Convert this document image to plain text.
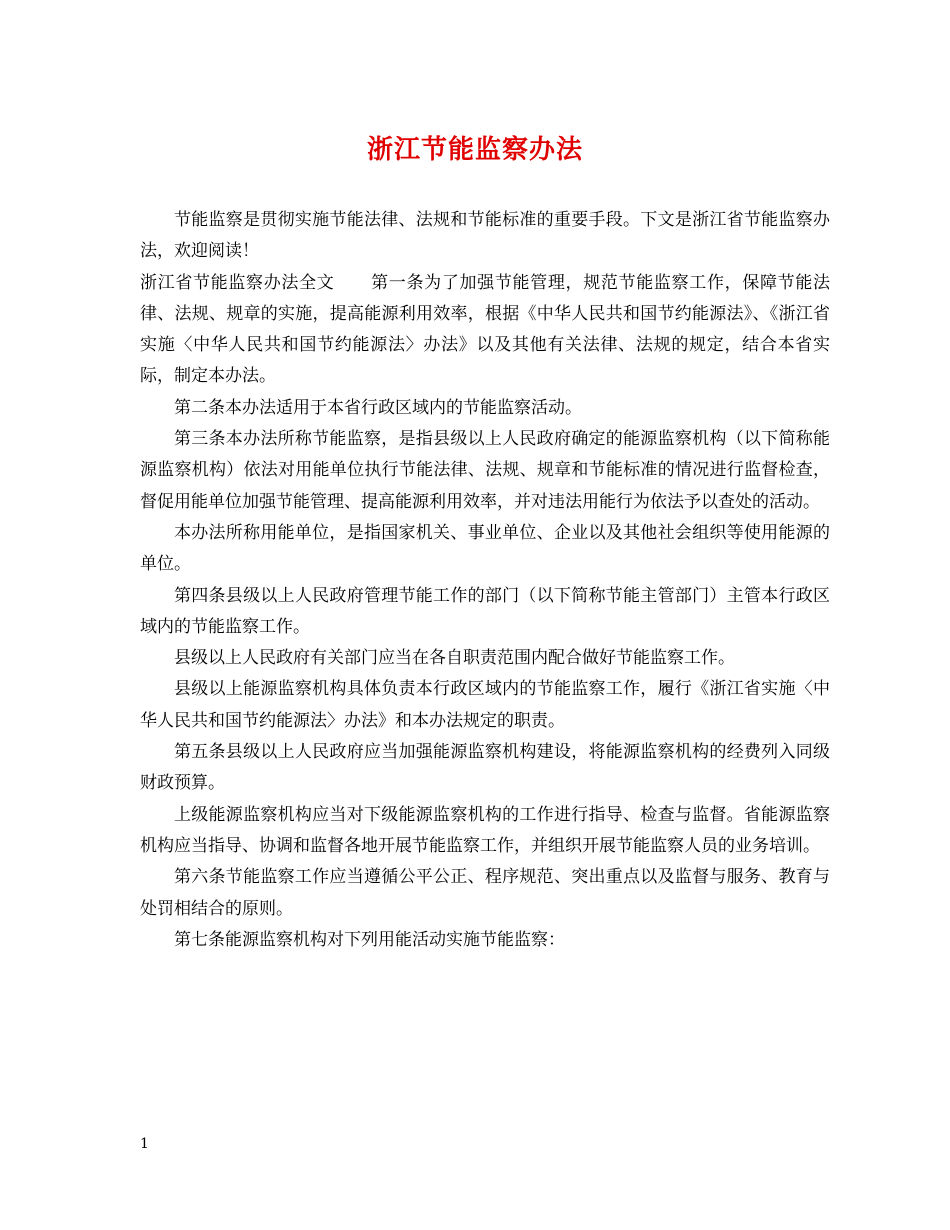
浙江节能监察办法

节能监察是贯彻实施节能法律、法规和节能标准的重要手段。下文是浙江省节能监察办法，欢迎阅读！

浙江省节能监察办法全文 第一条为了加强节能管理，规范节能监察工作，保障节能法律、法规、规章的实施，提高能源利用效率，根据《中华人民共和国节约能源法》、《浙江省实施〈中华人民共和国节约能源法〉办法》以及其他有关法律、法规的规定，结合本省实际，制定本办法。

第二条本办法适用于本省行政区域内的节能监察活动。

第三条本办法所称节能监察，是指县级以上人民政府确定的能源监察机构（以下简称能源监察机构）依法对用能单位执行节能法律、法规、规章和节能标准的情况进行监督检查，督促用能单位加强节能管理、提高能源利用效率，并对违法用能行为依法予以查处的活动。

本办法所称用能单位，是指国家机关、事业单位、企业以及其他社会组织等使用能源的单位。

第四条县级以上人民政府管理节能工作的部门（以下简称节能主管部门）主管本行政区域内的节能监察工作。

县级以上人民政府有关部门应当在各自职责范围内配合做好节能监察工作。

县级以上能源监察机构具体负责本行政区域内的节能监察工作，履行《浙江省实施〈中华人民共和国节约能源法〉办法》和本办法规定的职责。

第五条县级以上人民政府应当加强能源监察机构建设，将能源监察机构的经费列入同级财政预算。

上级能源监察机构应当对下级能源监察机构的工作进行指导、检查与监督。省能源监察机构应当指导、协调和监督各地开展节能监察工作，并组织开展节能监察人员的业务培训。

第六条节能监察工作应当遵循公平公正、程序规范、突出重点以及监督与服务、教育与处罚相结合的原则。

第七条能源监察机构对下列用能活动实施节能监察：

1
